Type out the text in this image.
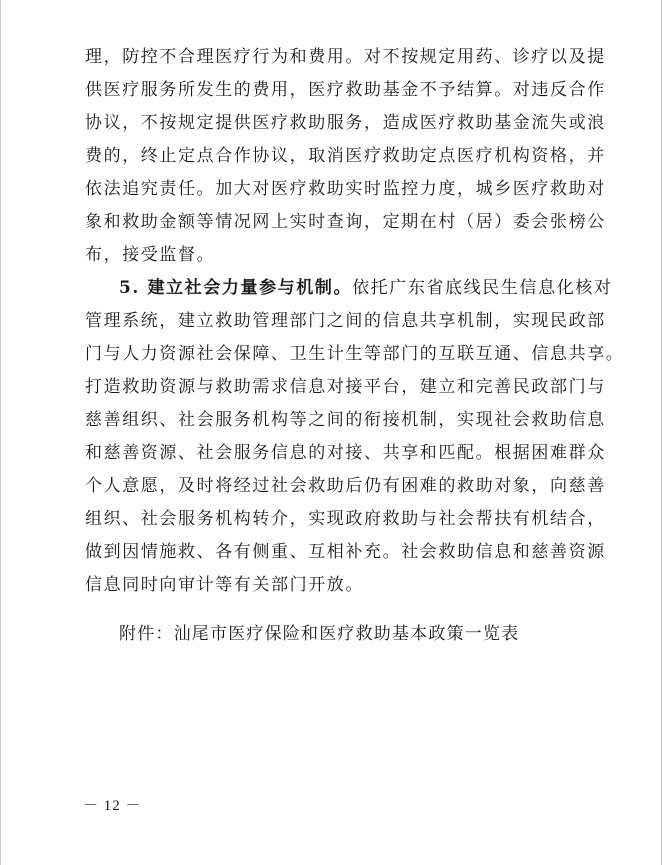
理，防控不合理医疗行为和费用。对不按规定用药、诊疗以及提
供医疗服务所发生的费用，医疗救助基金不予结算。对违反合作
协议，不按规定提供医疗救助服务，造成医疗救助基金流失或浪
费的，终止定点合作协议，取消医疗救助定点医疗机构资格，并
依法追究责任。加大对医疗救助实时监控力度，城乡医疗救助对
象和救助金额等情况网上实时查询，定期在村（居）委会张榜公
布，接受监督。
5. 建立社会力量参与机制。依托广东省底线民生信息化核对
管理系统，建立救助管理部门之间的信息共享机制，实现民政部
门与人力资源社会保障、卫生计生等部门的互联互通、信息共享。
打造救助资源与救助需求信息对接平台，建立和完善民政部门与
慈善组织、社会服务机构等之间的衔接机制，实现社会救助信息
和慈善资源、社会服务信息的对接、共享和匹配。根据困难群众
个人意愿，及时将经过社会救助后仍有困难的救助对象，向慈善
组织、社会服务机构转介，实现政府救助与社会帮扶有机结合，
做到因情施救、各有侧重、互相补充。社会救助信息和慈善资源
信息同时向审计等有关部门开放。
附件：汕尾市医疗保险和医疗救助基本政策一览表
－ 12 －
